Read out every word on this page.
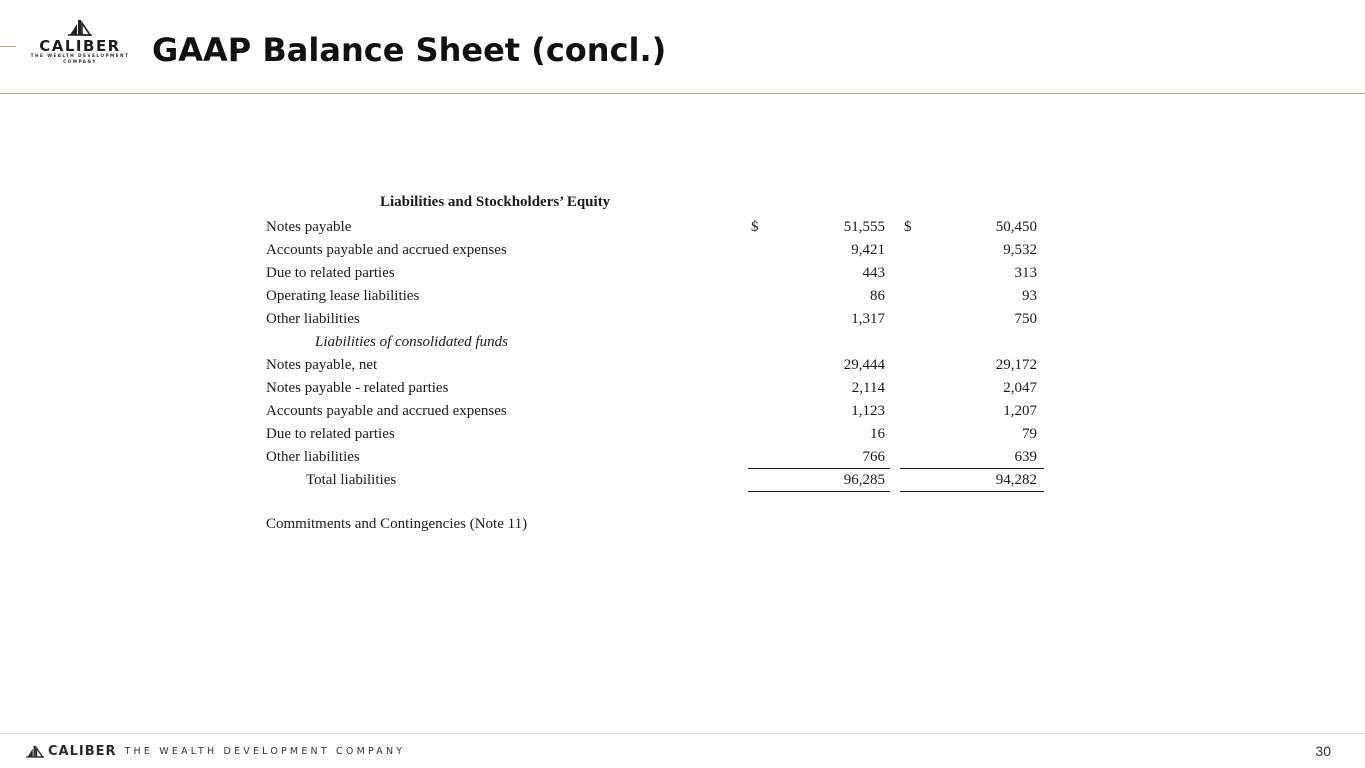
CALIBER
THE WEALTH DEVELOPMENT
COMPANY	GAAP Balance Sheet (concl.)
Liabilities and Stockholders’ Equity
Notes payable	$	51,555 $	50,450
Accounts payable and accrued expenses	9,421	9,532
Due to related parties	443	313
Operating lease liabilities	86	93
Other liabilities	1,317	750
Liabilities of consolidated funds
Notes payable, net	29,444	29,172
Notes payable - related parties	2,114	2,047
Accounts payable and accrued expenses	1,123	1,207
Due to related parties	16	79
Other liabilities	766	639
Total liabilities	96,285	94,282
Commitments and Contingencies (Note 11)
CALIBER THE WEALTH DEVELOPMENT COMPANY	30
